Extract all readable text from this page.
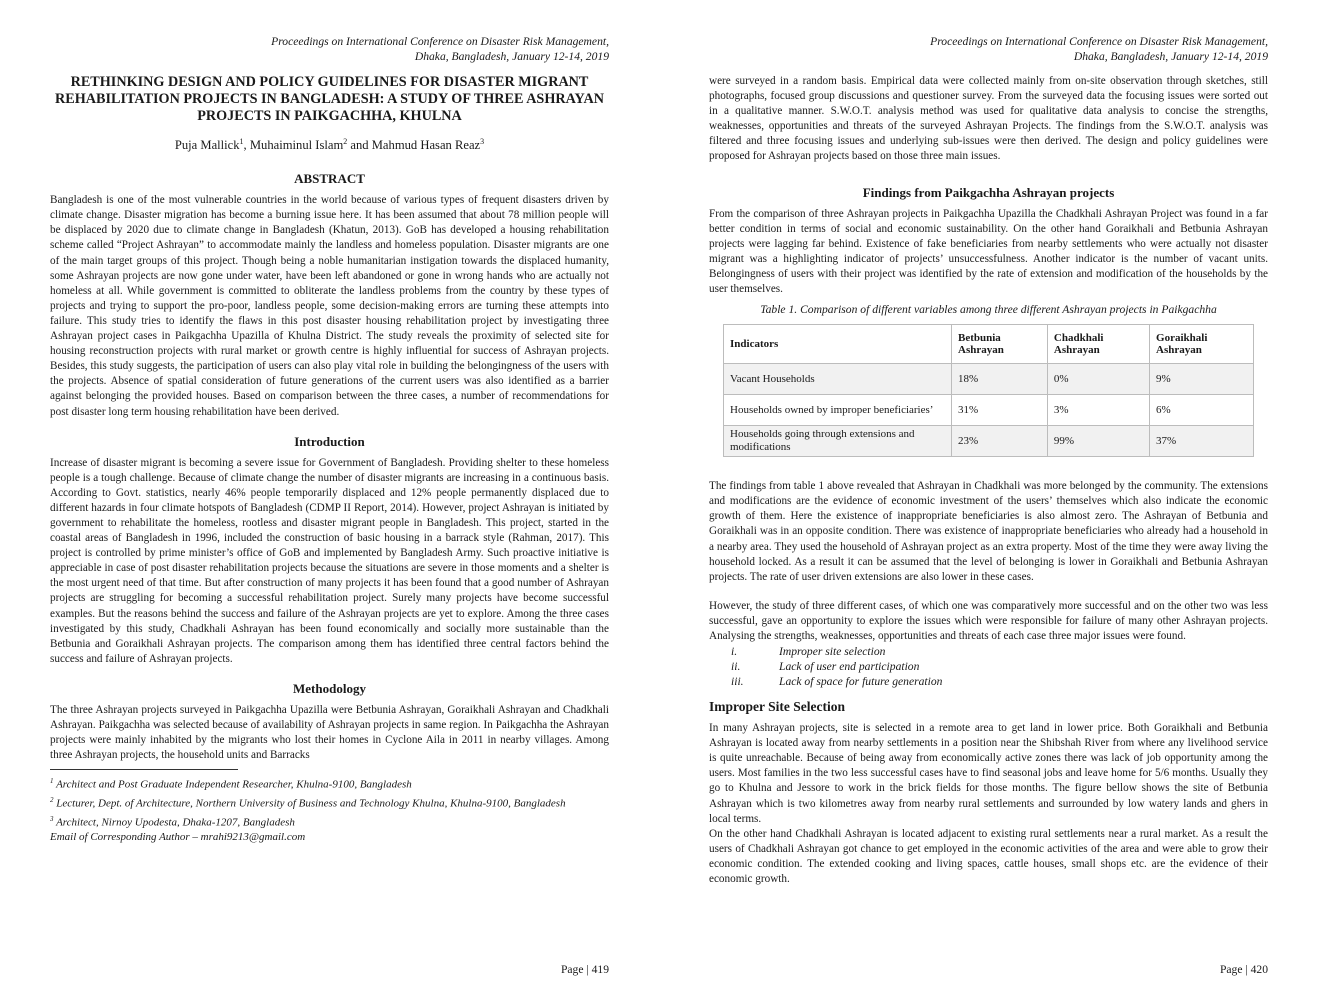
Proceedings on International Conference on Disaster Risk Management,
Dhaka, Bangladesh, January 12-14, 2019
RETHINKING DESIGN AND POLICY GUIDELINES FOR DISASTER MIGRANT REHABILITATION PROJECTS IN BANGLADESH: A STUDY OF THREE ASHRAYAN PROJECTS IN PAIKGACHHA, KHULNA
Puja Mallick$^1$, Muhaiminul Islam$^2$ and Mahmud Hasan Reaz$^3$
ABSTRACT

Bangladesh is one of the most vulnerable countries in the world because of various types of frequent disasters driven by climate change. Disaster migration has become a burning issue here. It has been assumed that about 78 million people will be displaced by 2020 due to climate change in Bangladesh (Khatun, 2013). GoB has developed a housing rehabilitation scheme called “Project Ashrayan” to accommodate mainly the landless and homeless population. Disaster migrants are one of the main target groups of this project. Though being a noble humanitarian instigation towards the displaced humanity, some Ashrayan projects are now gone under water, have been left abandoned or gone in wrong hands who are actually not homeless at all. While government is committed to obliterate the landless problems from the country by these types of projects and trying to support the pro-poor, landless people, some decision-making errors are turning these attempts into failure. This study tries to identify the flaws in this post disaster housing rehabilitation project by investigating three Ashrayan project cases in Paikgachha Upazilla of Khulna District. The study reveals the proximity of selected site for housing reconstruction projects with rural market or growth centre is highly influential for success of Ashrayan projects. Besides, this study suggests, the participation of users can also play vital role in building the belongingness of the users with the projects. Absence of spatial consideration of future generations of the current users was also identified as a barrier against belonging the provided houses. Based on comparison between the three cases, a number of recommendations for post disaster long term housing rehabilitation have been derived.

Introduction

Increase of disaster migrant is becoming a severe issue for Government of Bangladesh. Providing shelter to these homeless people is a tough challenge. Because of climate change the number of disaster migrants are increasing in a continuous basis. According to Govt. statistics, nearly 46% people temporarily displaced and 12% people permanently displaced due to different hazards in four climate hotspots of Bangladesh (CDMP II Report, 2014). However, project Ashrayan is initiated by government to rehabilitate the homeless, rootless and disaster migrant people in Bangladesh. This project, started in the coastal areas of Bangladesh in 1996, included the construction of basic housing in a barrack style (Rahman, 2017). This project is controlled by prime minister’s office of GoB and implemented by Bangladesh Army. Such proactive initiative is appreciable in case of post disaster rehabilitation projects because the situations are severe in those moments and a shelter is the most urgent need of that time. But after construction of many projects it has been found that a good number of Ashrayan projects are struggling for becoming a successful rehabilitation project. Surely many projects have become successful examples. But the reasons behind the success and failure of the Ashrayan projects are yet to explore. Among the three cases investigated by this study, Chadkhali Ashrayan has been found economically and socially more sustainable than the Betbunia and Goraikhali Ashrayan projects. The comparison among them has identified three central factors behind the success and failure of Ashrayan projects.

Methodology

The three Ashrayan projects surveyed in Paikgachha Upazilla were Betbunia Ashrayan, Goraikhali Ashrayan and Chadkhali Ashrayan. Paikgachha was selected because of availability of Ashrayan projects in same region. In Paikgachha the Ashrayan projects were mainly inhabited by the migrants who lost their homes in Cyclone Aila in 2011 in nearby villages. Among three Ashrayan projects, the household units and Barracks

$^1$ Architect and Post Graduate Independent Researcher, Khulna-9100, Bangladesh
$^2$ Lecturer, Dept. of Architecture, Northern University of Business and Technology Khulna, Khulna-9100, Bangladesh
$^3$ Architect, Nirnoy Upodesta, Dhaka-1207, Bangladesh
Email of Corresponding Author – mrahi9213@gmail.com
Page | 419
Proceedings on International Conference on Disaster Risk Management,
Dhaka, Bangladesh, January 12-14, 2019

were surveyed in a random basis. Empirical data were collected mainly from on-site observation through sketches, still photographs, focused group discussions and questioner survey. From the surveyed data the focusing issues were sorted out in a qualitative manner. S.W.O.T. analysis method was used for qualitative data analysis to concise the strengths, weaknesses, opportunities and threats of the surveyed Ashrayan Projects. The findings from the S.W.O.T. analysis was filtered and three focusing issues and underlying sub-issues were then derived. The design and policy guidelines were proposed for Ashrayan projects based on those three main issues.

Findings from Paikgachha Ashrayan projects

From the comparison of three Ashrayan projects in Paikgachha Upazilla the Chadkhali Ashrayan Project was found in a far better condition in terms of social and economic sustainability. On the other hand Goraikhali and Betbunia Ashrayan projects were lagging far behind. Existence of fake beneficiaries from nearby settlements who were actually not disaster migrant was a highlighting indicator of projects’ unsuccessfulness. Another indicator is the number of vacant units. Belongingness of users with their project was identified by the rate of extension and modification of the households by the user themselves.

Table 1. Comparison of different variables among three different Ashrayan projects in Paikgachha
Indicators	Betbunia Ashrayan	Chadkhali Ashrayan	Goraikhali Ashrayan
Vacant Households	18%	0%	9%
Households owned by improper beneficiaries’	31%	3%	6%
Households going through extensions and modifications	23%	99%	37%

The findings from table 1 above revealed that Ashrayan in Chadkhali was more belonged by the community. The extensions and modifications are the evidence of economic investment of the users’ themselves which also indicate the economic growth of them. Here the existence of inappropriate beneficiaries is also almost zero. The Ashrayan of Betbunia and Goraikhali was in an opposite condition. There was existence of inappropriate beneficiaries who already had a household in a nearby area. They used the household of Ashrayan project as an extra property. Most of the time they were away living the household locked. As a result it can be assumed that the level of belonging is lower in Goraikhali and Betbunia Ashrayan projects. The rate of user driven extensions are also lower in these cases.

However, the study of three different cases, of which one was comparatively more successful and on the other two was less successful, gave an opportunity to explore the issues which were responsible for failure of many other Ashrayan projects. Analysing the strengths, weaknesses, opportunities and threats of each case three major issues were found.

i.	Improper site selection
ii.	Lack of user end participation
iii.	Lack of space for future generation
Improper Site Selection

In many Ashrayan projects, site is selected in a remote area to get land in lower price. Both Goraikhali and Betbunia Ashrayan is located away from nearby settlements in a position near the Shibshah River from where any livelihood service is quite unreachable. Because of being away from economically active zones there was lack of job opportunity among the users. Most families in the two less successful cases have to find seasonal jobs and leave home for 5/6 months. Usually they go to Khulna and Jessore to work in the brick fields for those months. The figure bellow shows the site of Betbunia Ashrayan which is two kilometres away from nearby rural settlements and surrounded by low watery lands and ghers in local terms.

On the other hand Chadkhali Ashrayan is located adjacent to existing rural settlements near a rural market. As a result the users of Chadkhali Ashrayan got chance to get employed in the economic activities of the area and were able to grow their economic condition. The extended cooking and living spaces, cattle houses, small shops etc. are the evidence of their economic growth.

Page | 420
